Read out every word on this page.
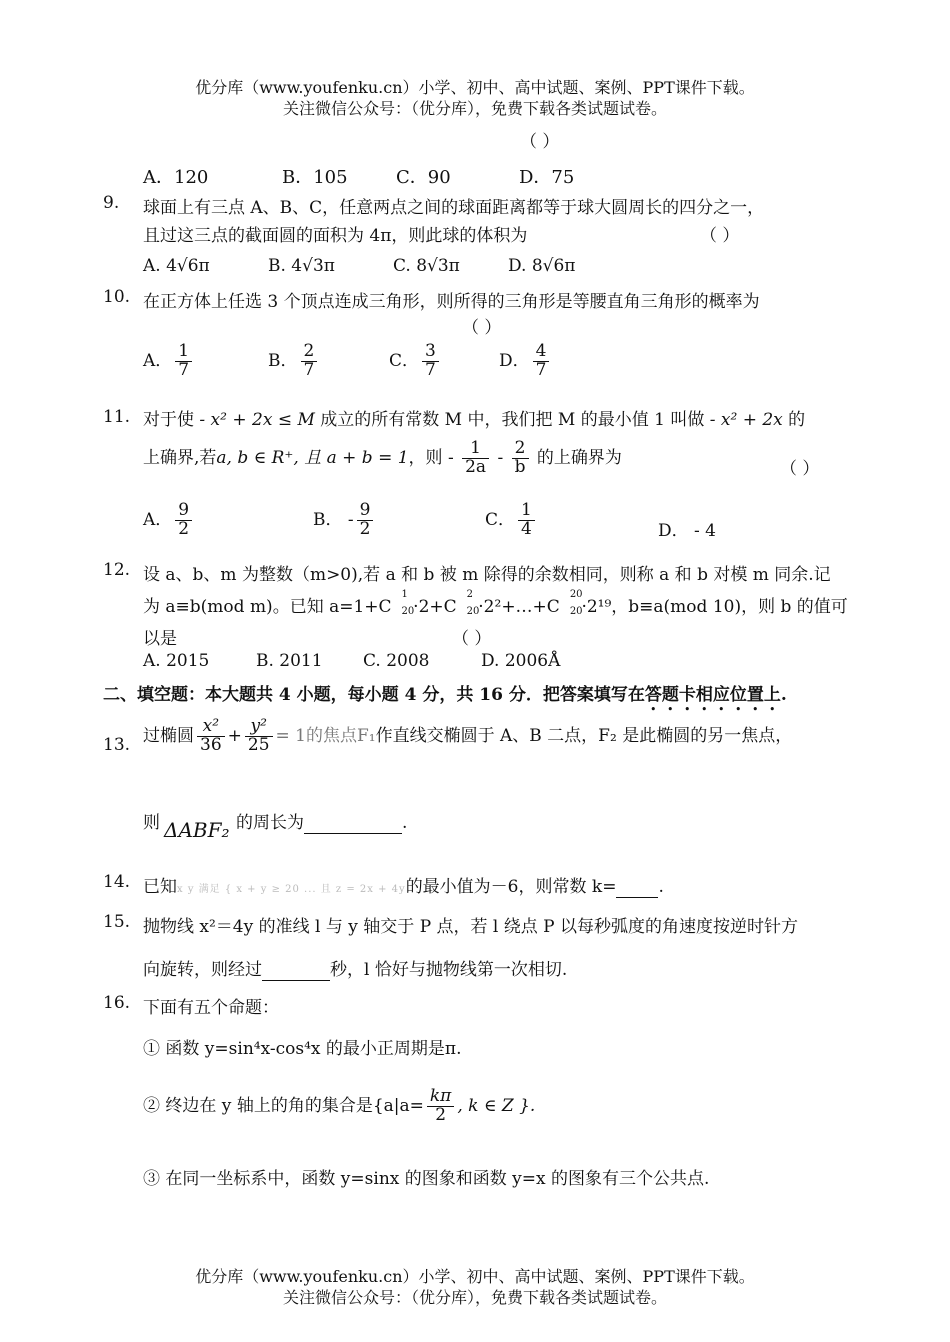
优分库（www.youfenku.cn）小学、初中、高中试题、案例、PPT课件下载。
关注微信公众号：（优分库），免费下载各类试题试卷。
（ ）
A．120	B．105	C．90	D．75
9. 球面上有三点 A、B、C，任意两点之间的球面距离都等于球大圆周长的四分之一，
且过这三点的截面圆的面积为 4π，则此球的体积为	（ ）
A. 4√6π	B. 4√3π	C. 8√3π	D. 8√6π
10. 在正方体上任选 3 个顶点连成三角形，则所得的三角形是等腰直角三角形的概率为
（ ）
A． $\frac{1}{7}$	B． $\frac{2}{7}$	C． $\frac{3}{7}$	D． $\frac{4}{7}$
11. 对于使 - x² + 2x ≤ M 成立的所有常数 M 中，我们把 M 的最小值 1 叫做 - x² + 2x 的
上确界,若a, b ∈ R⁺, 且 a + b = 1，则 - $\frac{1}{2a} - \frac{2}{b}$ 的上确界为
（ ）
A． $\frac{9}{2}$	B． - $\frac{9}{2}$	C． $\frac{1}{4}$	D． - 4
12. 设 a、b、m 为整数（m>0),若 a 和 b 被 m 除得的余数相同，则称 a 和 b 对模 m 同余.记
为 a≡b(mod m)。已知 a=1+C
1
20
·2+C
2
20
·2²+…+C
20
20
·2¹⁹，b≡a(mod 10)，则 b 的值可
以是	（ ）
A. 2015	B. 2011 C. 2008	D. 2006Å
二、填空题：本大题共 4 小题，每小题 4 分，共 16 分．把答案填写在答题卡相应位置上.
13. 过椭圆 $\frac{\text{x²}}{36} + \frac{\text{y²}}{25} = 1$的焦点F₁作直线交椭圆于 A、B 二点，F₂ 是此椭圆的另一焦点，
则 ΔABF₂ 的周长为	.
14. 已知x y 满足 { x + y ≥ 20 ... 且 z = 2x + 4y的最小值为－6，则常数 k= .
15. 抛物线 x²＝4y 的准线 l 与 y 轴交于 P 点，若 l 绕点 P 以每秒弧度的角速度按逆时针方
向旋转，则经过	秒，l 恰好与抛物线第一次相切.
16. 下面有五个命题：
① 函数 y=sin⁴x-cos⁴x 的最小正周期是π.
② 终边在 y 轴上的角的集合是{$a|a= \frac{k\pi}{2}$ , k ∈ Z }.
③ 在同一坐标系中，函数 y=sinx 的图象和函数 y=x 的图象有三个公共点.
优分库（www.youfenku.cn）小学、初中、高中试题、案例、PPT课件下载。
关注微信公众号：（优分库），免费下载各类试题试卷。
